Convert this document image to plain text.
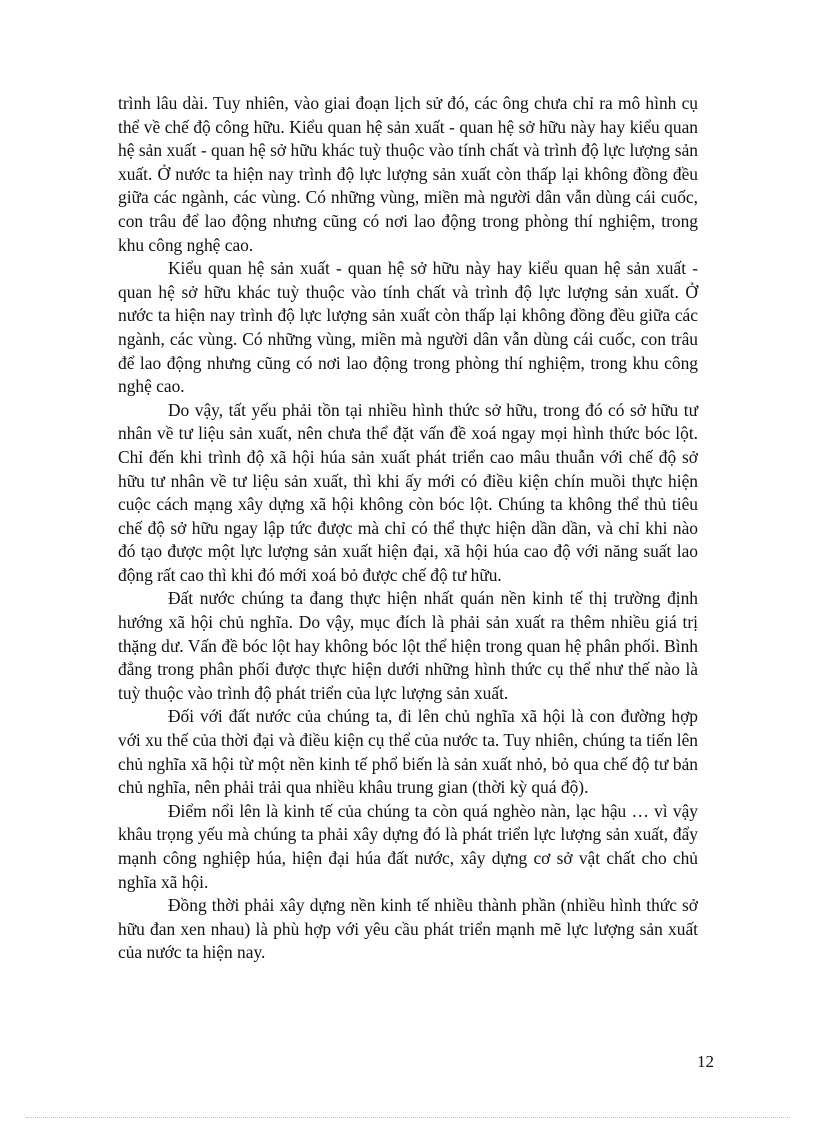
trình lâu dài. Tuy nhiên, vào giai đoạn lịch sử đó, các ông chưa chỉ ra mô hình cụ thể về chế độ công hữu. Kiểu quan hệ sản xuất - quan hệ sở hữu này hay kiểu quan hệ sản xuất - quan hệ sở hữu khác tuỳ thuộc vào tính chất và trình độ lực lượng sản xuất. Ở nước ta hiện nay trình độ lực lượng sản xuất còn thấp lại không đồng đều giữa các ngành, các vùng. Có những vùng, miền mà người dân vẫn dùng cái cuốc, con trâu để lao động nhưng cũng có nơi lao động trong phòng thí nghiệm, trong khu công nghệ cao.

Kiểu quan hệ sản xuất - quan hệ sở hữu này hay kiểu quan hệ sản xuất - quan hệ sở hữu khác tuỳ thuộc vào tính chất và trình độ lực lượng sản xuất. Ở nước ta hiện nay trình độ lực lượng sản xuất còn thấp lại không đồng đều giữa các ngành, các vùng. Có những vùng, miền mà người dân vẫn dùng cái cuốc, con trâu để lao động nhưng cũng có nơi lao động trong phòng thí nghiệm, trong khu công nghệ cao.

Do vậy, tất yếu phải tồn tại nhiều hình thức sở hữu, trong đó có sở hữu tư nhân về tư liệu sản xuất, nên chưa thể đặt vấn đề xoá ngay mọi hình thức bóc lột. Chỉ đến khi trình độ xã hội húa sản xuất phát triển cao mâu thuẫn với chế độ sở hữu tư nhân về tư liệu sản xuất, thì khi ấy mới có điều kiện chín muồi thực hiện cuộc cách mạng xây dựng xã hội không còn bóc lột. Chúng ta không thể thủ tiêu chế độ sở hữu ngay lập tức được mà chỉ có thể thực hiện dần dần, và chỉ khi nào đó tạo được một lực lượng sản xuất hiện đại, xã hội húa cao độ với năng suất lao động rất cao thì khi đó mới xoá bỏ được chế độ tư hữu.

Đất nước chúng ta đang thực hiện nhất quán nền kinh tế thị trường định hướng xã hội chủ nghĩa. Do vậy, mục đích là phải sản xuất ra thêm nhiều giá trị thặng dư. Vấn đề bóc lột hay không bóc lột thể hiện trong quan hệ phân phối. Bình đẳng trong phân phối được thực hiện dưới những hình thức cụ thể như thế nào là tuỳ thuộc vào trình độ phát triển của lực lượng sản xuất.

Đối với đất nước của chúng ta, đi lên chủ nghĩa xã hội là con đường hợp với xu thế của thời đại và điều kiện cụ thể của nước ta. Tuy nhiên, chúng ta tiến lên chủ nghĩa xã hội từ một nền kinh tế phổ biến là sản xuất nhỏ, bỏ qua chế độ tư bản chủ nghĩa, nên phải trải qua nhiều khâu trung gian (thời kỳ quá độ).

Điểm nổi lên là kinh tế của chúng ta còn quá nghèo nàn, lạc hậu … vì vậy khâu trọng yếu mà chúng ta phải xây dựng đó là phát triển lực lượng sản xuất, đẩy mạnh công nghiệp húa, hiện đại húa đất nước, xây dựng cơ sở vật chất cho chủ nghĩa xã hội.

Đồng thời phải xây dựng nền kinh tế nhiều thành phần (nhiều hình thức sở hữu đan xen nhau) là phù hợp với yêu cầu phát triển mạnh mẽ lực lượng sản xuất của nước ta hiện nay.

12
